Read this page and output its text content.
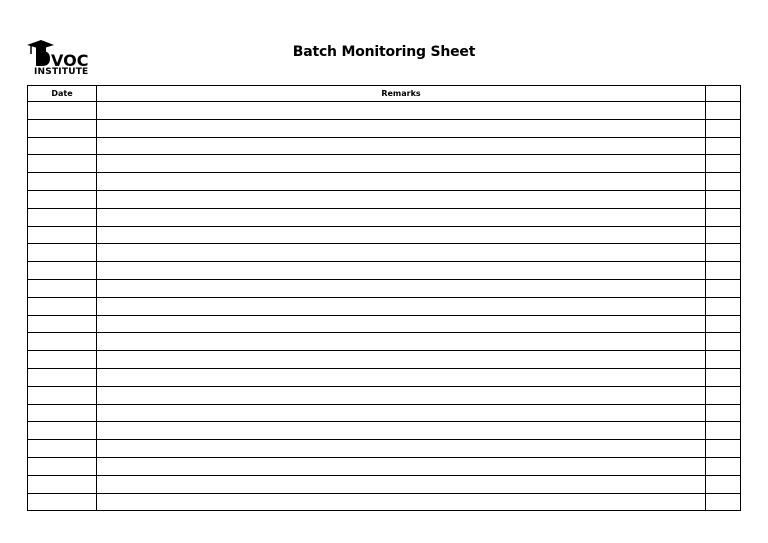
VOC
INSTITUTE
Batch Monitoring Sheet
Date	Remarks	
